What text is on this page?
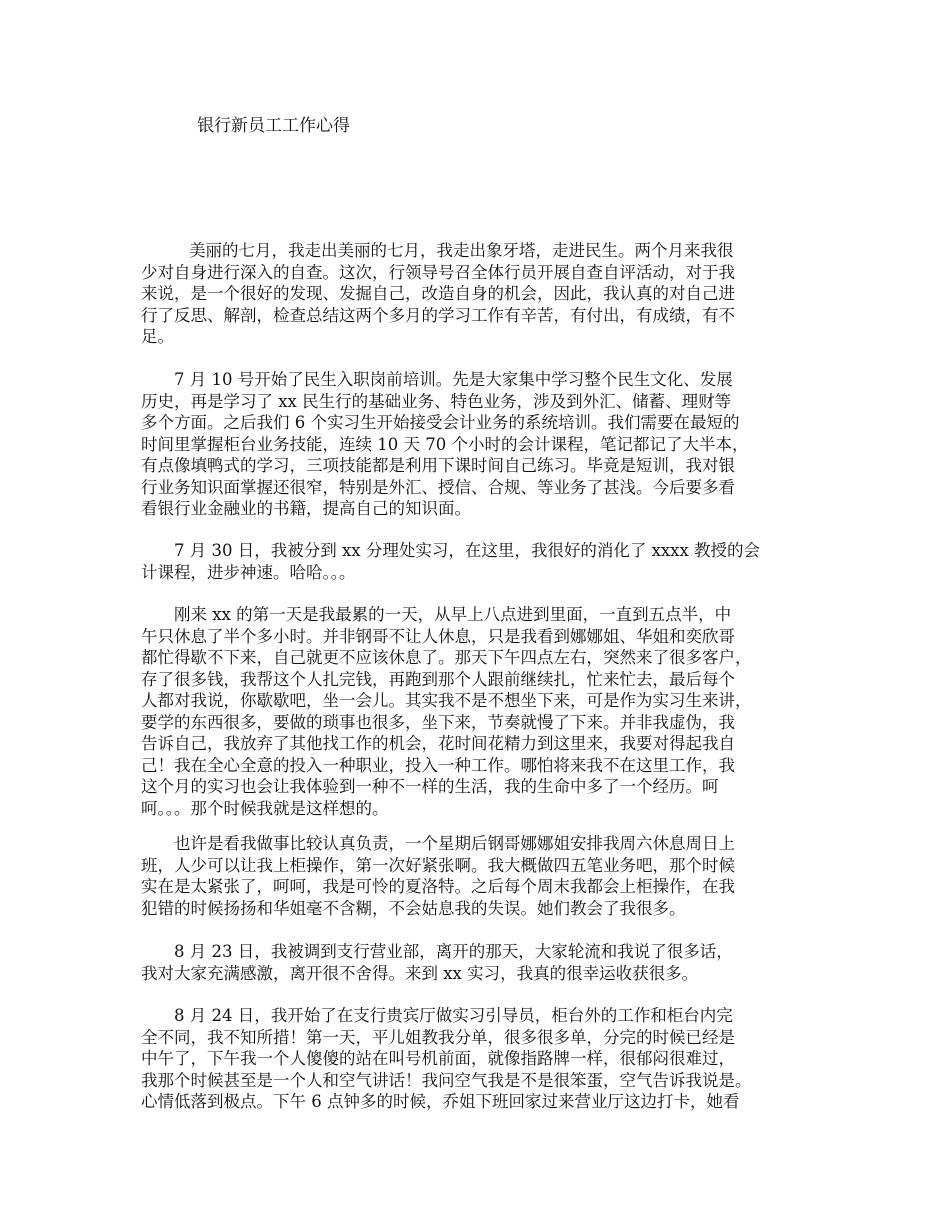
银行新员工工作心得
美丽的七月，我走出美丽的七月，我走出象牙塔，走进民生。两个月来我很
少对自身进行深入的自查。这次，行领导号召全体行员开展自查自评活动，对于我
来说，是一个很好的发现、发掘自己，改造自身的机会，因此，我认真的对自己进
行了反思、解剖，检查总结这两个多月的学习工作有辛苦，有付出，有成绩，有不
足。
7 月 10 号开始了民生入职岗前培训。先是大家集中学习整个民生文化、发展
历史，再是学习了 xx 民生行的基础业务、特色业务，涉及到外汇、储蓄、理财等
多个方面。之后我们 6 个实习生开始接受会计业务的系统培训。我们需要在最短的
时间里掌握柜台业务技能，连续 10 天 70 个小时的会计课程，笔记都记了大半本，
有点像填鸭式的学习，三项技能都是利用下课时间自己练习。毕竟是短训，我对银
行业务知识面掌握还很窄，特别是外汇、授信、合规、等业务了甚浅。今后要多看
看银行业金融业的书籍，提高自己的知识面。
7 月 30 日，我被分到 xx 分理处实习，在这里，我很好的消化了 xxxx 教授的会
计课程，进步神速。哈哈。。。
刚来 xx 的第一天是我最累的一天，从早上八点进到里面，一直到五点半，中
午只休息了半个多小时。并非钢哥不让人休息，只是我看到娜娜姐、华姐和奕欣哥
都忙得歇不下来，自己就更不应该休息了。那天下午四点左右，突然来了很多客户，
存了很多钱，我帮这个人扎完钱，再跑到那个人跟前继续扎，忙来忙去，最后每个
人都对我说，你歇歇吧，坐一会儿。其实我不是不想坐下来，可是作为实习生来讲，
要学的东西很多，要做的琐事也很多，坐下来，节奏就慢了下来。并非我虚伪，我
告诉自己，我放弃了其他找工作的机会，花时间花精力到这里来，我要对得起我自
己！我在全心全意的投入一种职业，投入一种工作。哪怕将来我不在这里工作，我
这个月的实习也会让我体验到一种不一样的生活，我的生命中多了一个经历。呵
呵。。。那个时候我就是这样想的。
也许是看我做事比较认真负责，一个星期后钢哥娜娜姐安排我周六休息周日上
班，人少可以让我上柜操作，第一次好紧张啊。我大概做四五笔业务吧，那个时候
实在是太紧张了，呵呵，我是可怜的夏洛特。之后每个周末我都会上柜操作，在我
犯错的时候扬扬和华姐毫不含糊，不会姑息我的失误。她们教会了我很多。
8 月 23 日，我被调到支行营业部，离开的那天，大家轮流和我说了很多话，
我对大家充满感激，离开很不舍得。来到 xx 实习，我真的很幸运收获很多。
8 月 24 日，我开始了在支行贵宾厅做实习引导员，柜台外的工作和柜台内完
全不同，我不知所措！第一天，平儿姐教我分单，很多很多单，分完的时候已经是
中午了，下午我一个人傻傻的站在叫号机前面，就像指路牌一样，很郁闷很难过，
我那个时候甚至是一个人和空气讲话！我问空气我是不是很笨蛋，空气告诉我说是。
心情低落到极点。下午 6 点钟多的时候，乔姐下班回家过来营业厅这边打卡，她看
